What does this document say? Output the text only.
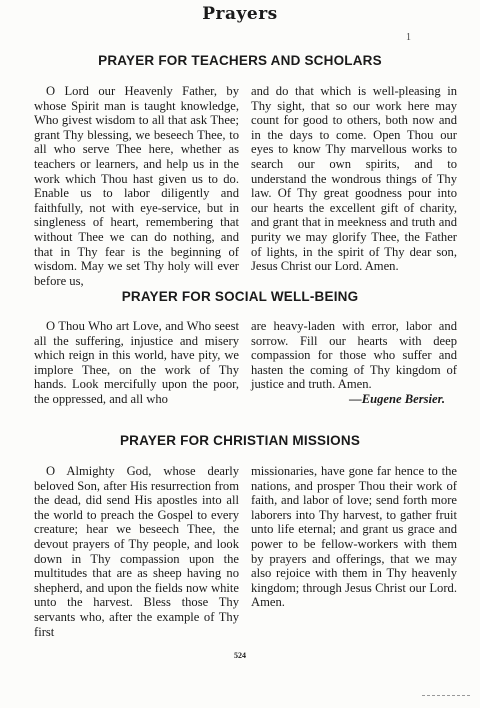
Prayers
1
PRAYER FOR TEACHERS AND SCHOLARS
O Lord our Heavenly Father, by whose Spirit man is taught knowledge, Who givest wisdom to all that ask Thee; grant Thy blessing, we beseech Thee, to all who serve Thee here, whether as teachers or learners, and help us in the work which Thou hast given us to do. Enable us to labor diligently and faithfully, not with eye-service, but in singleness of heart, remembering that without Thee we can do nothing, and that in Thy fear is the beginning of wisdom. May we set Thy holy will ever before us,
and do that which is well-pleasing in Thy sight, that so our work here may count for good to others, both now and in the days to come. Open Thou our eyes to know Thy marvellous works to search our own spirits, and to understand the wondrous things of Thy law. Of Thy great goodness pour into our hearts the excellent gift of charity, and grant that in meekness and truth and purity we may glorify Thee, the Father of lights, in the spirit of Thy dear son, Jesus Christ our Lord. Amen.
PRAYER FOR SOCIAL WELL-BEING
O Thou Who art Love, and Who seest all the suffering, injustice and misery which reign in this world, have pity, we implore Thee, on the work of Thy hands. Look mercifully upon the poor, the oppressed, and all who
are heavy-laden with error, labor and sorrow. Fill our hearts with deep compassion for those who suffer and hasten the coming of Thy kingdom of justice and truth. Amen.
—Eugene Bersier.
PRAYER FOR CHRISTIAN MISSIONS
O Almighty God, whose dearly beloved Son, after His resurrection from the dead, did send His apostles into all the world to preach the Gospel to every creature; hear we beseech Thee, the devout prayers of Thy people, and look down in Thy compassion upon the multitudes that are as sheep having no shepherd, and upon the fields now white unto the harvest. Bless those Thy servants who, after the example of Thy first
missionaries, have gone far hence to the nations, and prosper Thou their work of faith, and labor of love; send forth more laborers into Thy harvest, to gather fruit unto life eternal; and grant us grace and power to be fellow-workers with them by prayers and offerings, that we may also rejoice with them in Thy heavenly kingdom; through Jesus Christ our Lord. Amen.
524
